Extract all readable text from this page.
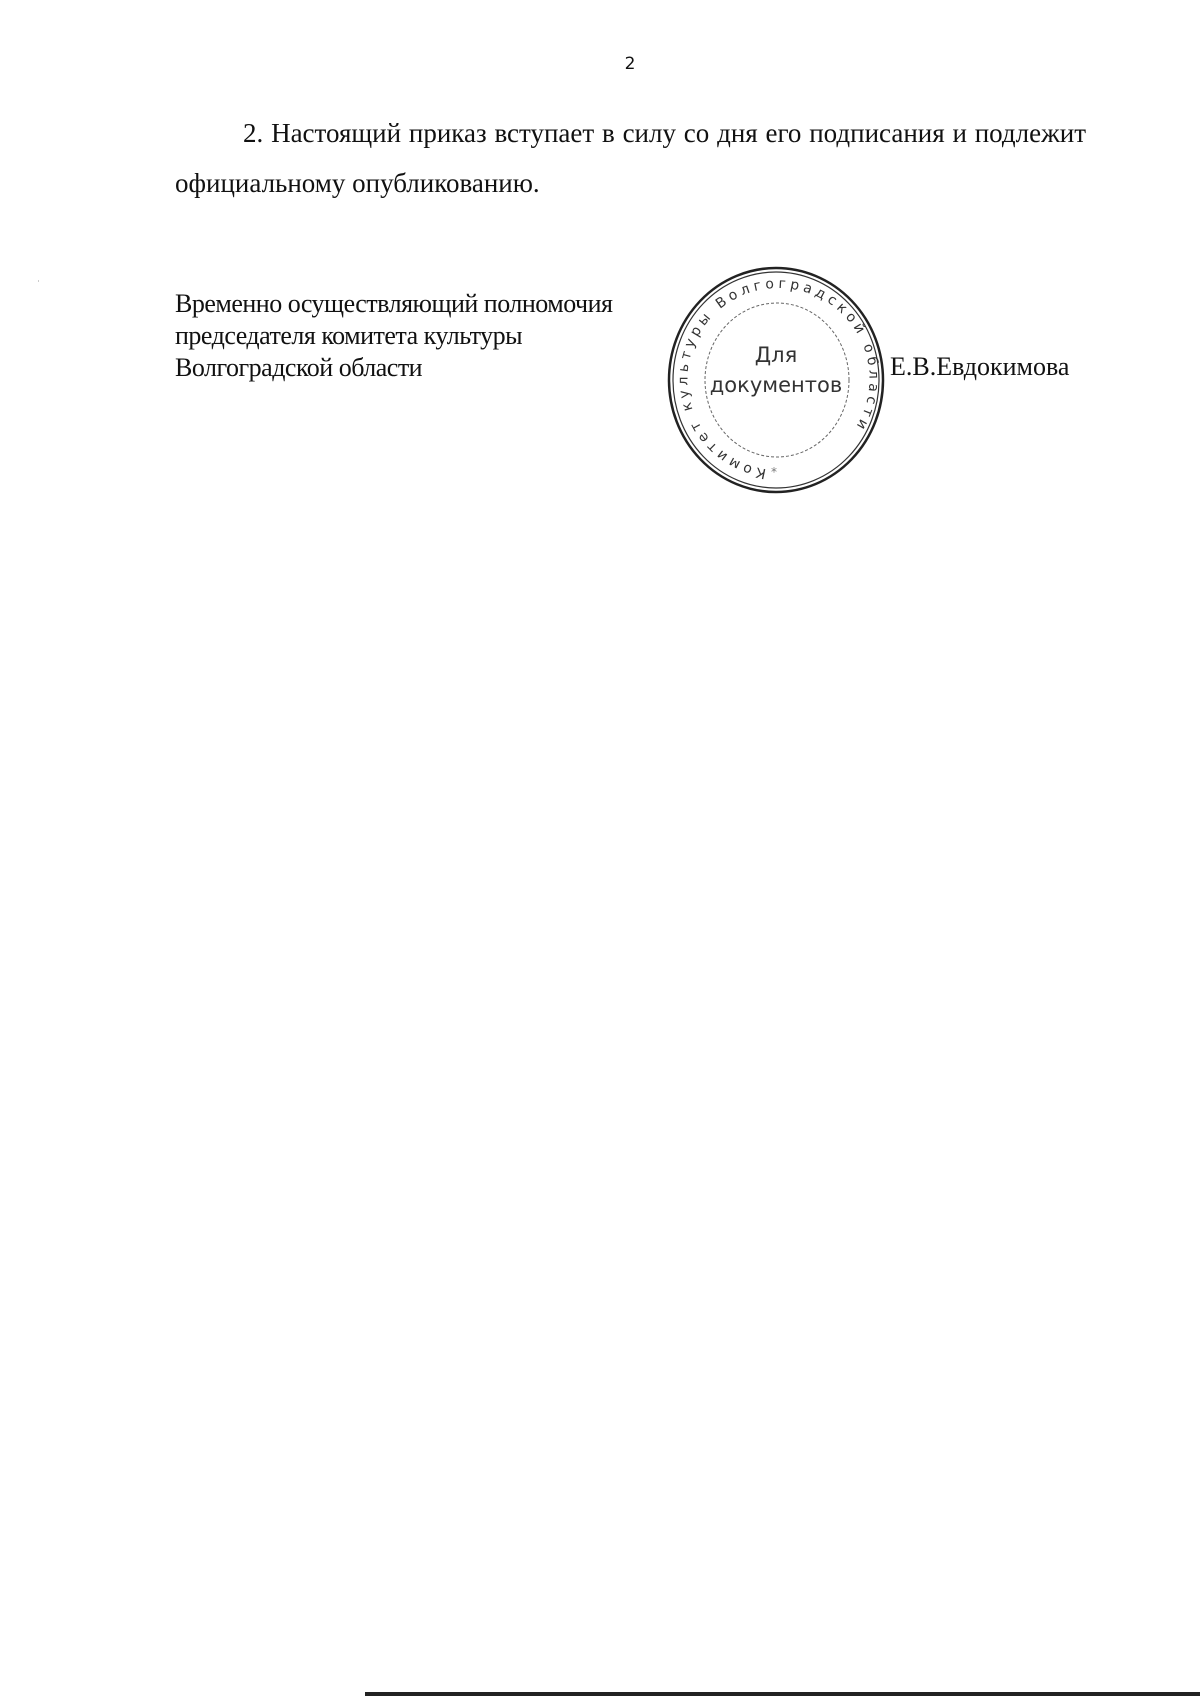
2

2. Настоящий приказ вступает в силу со дня его подписания и подлежит официальному опубликованию.

Временно осуществляющий полномочия
председателя комитета культуры
Волгоградской области
Комитет культуры Волгоградской области
*
Для
документов
Е.В.Евдокимова
